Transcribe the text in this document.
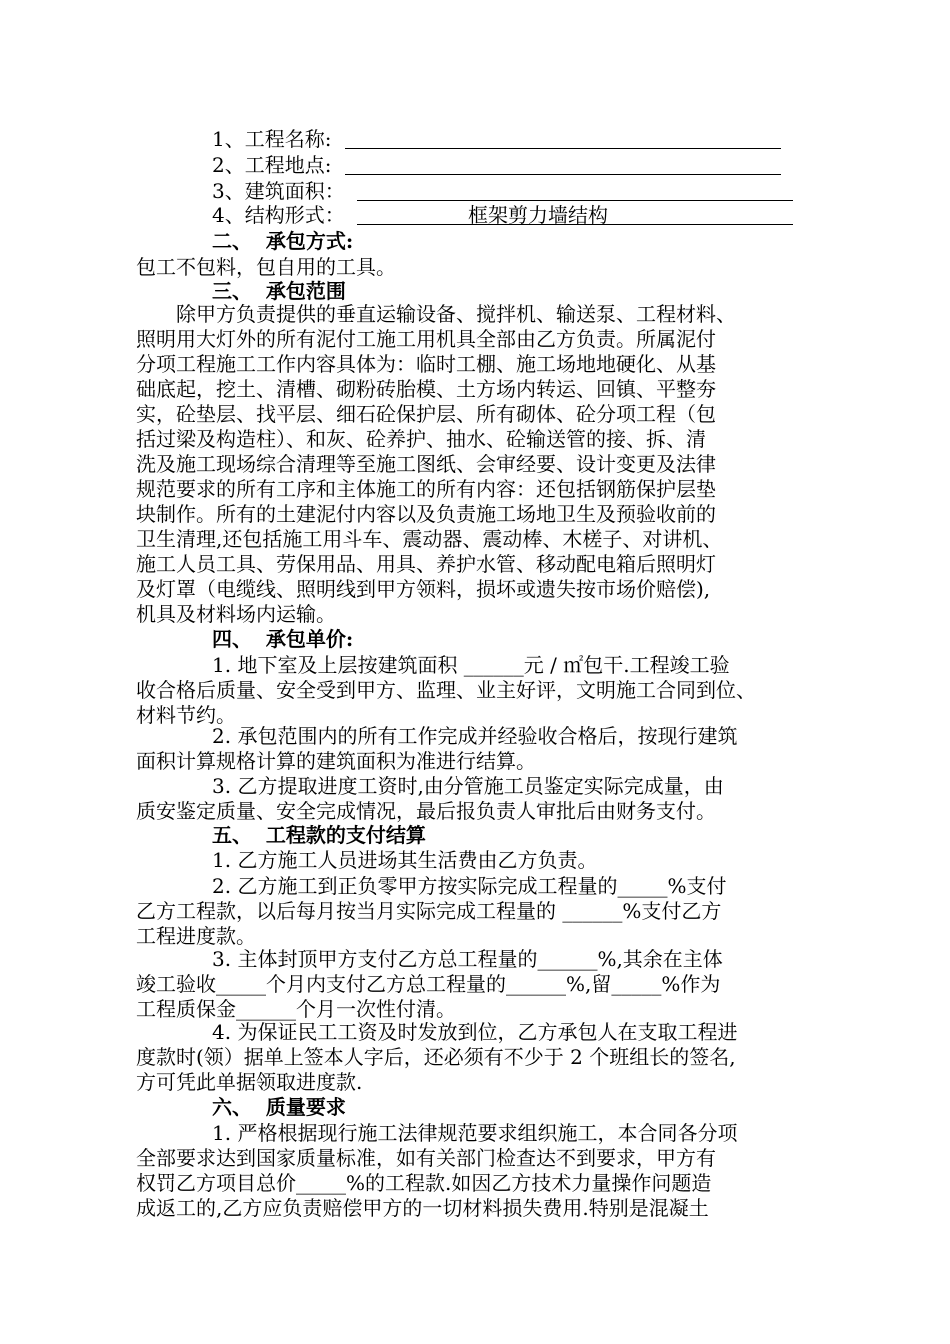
1、工程名称:
2、工程地点:
3、建筑面积：
4、结构形式：	框架剪力墙结构
二、  承包方式:
包工不包料，包自用的工具。
三、  承包范围
除甲方负责提供的垂直运输设备、搅拌机、输送泵、工程材料、
照明用大灯外的所有泥付工施工用机具全部由乙方负责。所属泥付
分项工程施工工作内容具体为：临时工棚、施工场地地硬化、从基
础底起，挖土、清槽、砌粉砖胎模、土方场内转运、回镇、平整夯
实，砼垫层、找平层、细石砼保护层、所有砌体、砼分项工程（包
括过梁及构造柱）、和灰、砼养护、抽水、砼输送管的接、拆、清
洗及施工现场综合清理等至施工图纸、会审经要、设计变更及法律
规范要求的所有工序和主体施工的所有内容：还包括钢筋保护层垫
块制作。所有的土建泥付内容以及负责施工场地卫生及预验收前的
卫生清理,还包括施工用斗车、震动器、震动棒、木槎子、对讲机、
施工人员工具、劳保用品、用具、养护水管、移动配电箱后照明灯
及灯罩（电缆线、照明线到甲方领料，损坏或遗失按市场价赔偿),
机具及材料场内运输。
四、  承包单价:
1. 地下室及上层按建筑面积 ______元 / ㎡包干.工程竣工验
收合格后质量、安全受到甲方、监理、业主好评，文明施工合同到位、
材料节约。
2. 承包范围内的所有工作完成并经验收合格后，按现行建筑
面积计算规格计算的建筑面积为准进行结算。
3. 乙方提取进度工资时,由分管施工员鉴定实际完成量，由
质安鉴定质量、安全完成情况，最后报负责人审批后由财务支付。
五、  工程款的支付结算
1. 乙方施工人员进场其生活费由乙方负责。
2. 乙方施工到正负零甲方按实际完成工程量的_____%支付
乙方工程款，以后每月按当月实际完成工程量的 ______%支付乙方
工程进度款。
3. 主体封顶甲方支付乙方总工程量的______%,其余在主体
竣工验收_____个月内支付乙方总工程量的______%,留_____%作为
工程质保金______个月一次性付清。
4. 为保证民工工资及时发放到位，乙方承包人在支取工程进
度款时(领）据单上签本人字后，还必须有不少于 2 个班组长的签名,
方可凭此单据领取进度款.
六、  质量要求
1. 严格根据现行施工法律规范要求组织施工，本合同各分项
全部要求达到国家质量标准，如有关部门检查达不到要求，甲方有
权罚乙方项目总价_____%的工程款.如因乙方技术力量操作问题造
成返工的,乙方应负责赔偿甲方的一切材料损失费用.特别是混凝土
